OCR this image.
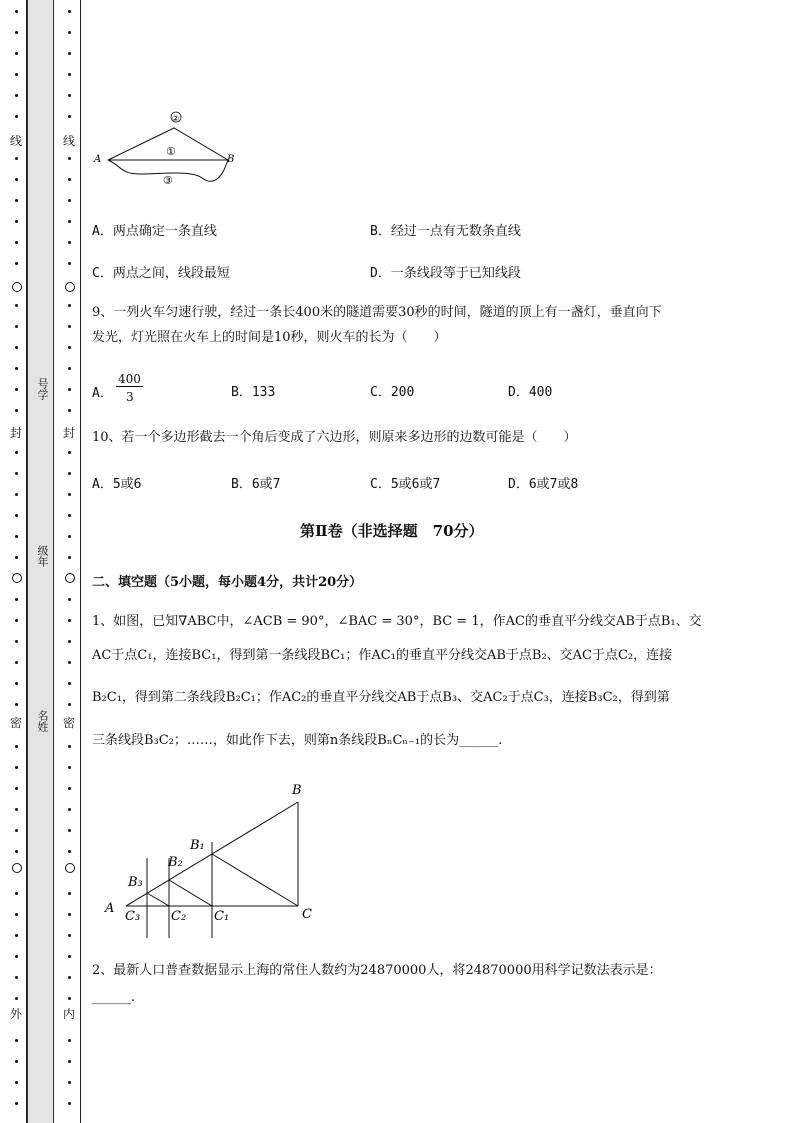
线
封
密
外
线
封
密
内
号学
级年
名姓
②
①
③
A	B
A．两点确定一条直线	B．经过一点有无数条直线
C．两点之间，线段最短	D．一条线段等于已知线段
9、一列火车匀速行驶，经过一条长400米的隧道需要30秒的时间，隧道的顶上有一盏灯，垂直向下
发光，灯光照在火车上的时间是10秒，则火车的长为（　　）
A．
400
3	B．133	C．200	D．400
10、若一个多边形截去一个角后变成了六边形，则原来多边形的边数可能是（　　）
A．5或6	B．6或7	C．5或6或7	D．6或7或8
第Ⅱ卷（非选择题　70分）
二、填空题（5小题，每小题4分，共计20分）
1、如图，已知∇ABC中，∠ACB = 90°，∠BAC = 30°，BC = 1，作AC的垂直平分线交AB于点B₁、交
AC于点C₁，连接BC₁，得到第一条线段BC₁；作AC₁的垂直平分线交AB于点B₂、交AC于点C₂，连接
B₂C₁，得到第二条线段B₂C₁；作AC₂的垂直平分线交AB于点B₃、交AC₂于点C₃，连接B₃C₂，得到第
三条线段B₃C₂；……，如此作下去，则第n条线段BₙCₙ₋₁的长为______.
A
B
C
B₁
B₂
B₃
C₁
C₂
C₃
2、最新人口普查数据显示上海的常住人数约为24870000人，将24870000用科学记数法表示是：
______.
